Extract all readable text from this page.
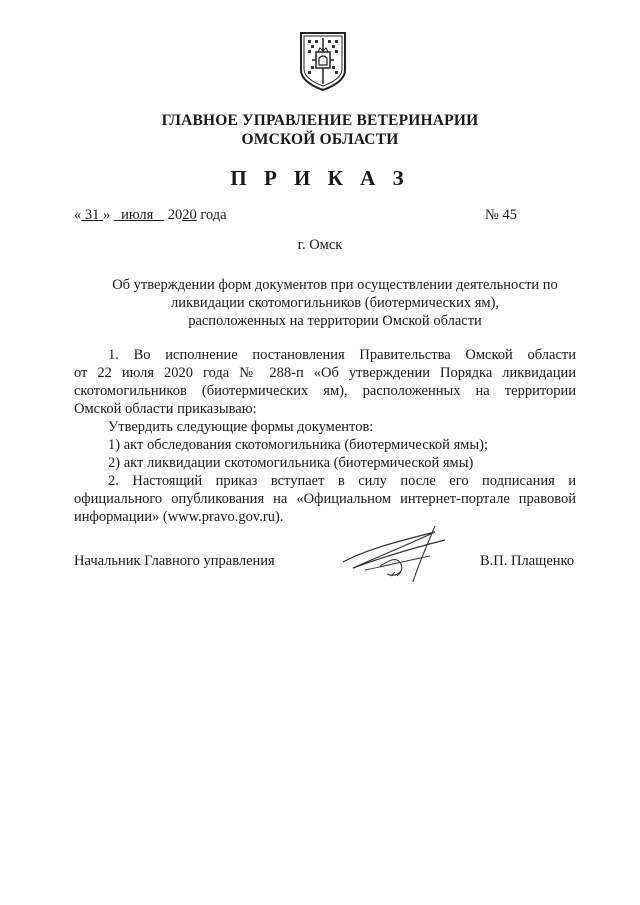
ГЛАВНОЕ УПРАВЛЕНИЕ ВЕТЕРИНАРИИ
ОМСКОЙ ОБЛАСТИ
П Р И К А З
« 31 » июля 2020 года	№ 45
г. Омск
Об утверждении форм документов при осуществлении деятельности по
ликвидации скотомогильников (биотермических ям),
расположенных на территории Омской области
1. Во исполнение постановления Правительства Омской области
от 22 июля 2020 года № 288-п «Об утверждении Порядка ликвидации
скотомогильников (биотермических ям), расположенных на территории
Омской области приказываю:
Утвердить следующие формы документов:
1) акт обследования скотомогильника (биотермической ямы);
2) акт ликвидации скотомогильника (биотермической ямы)
2. Настоящий приказ вступает в силу после его подписания и
официального опубликования на «Официальном интернет-портале правовой
информации» (www.pravo.gov.ru).
Начальник Главного управления	В.П. Плащенко
